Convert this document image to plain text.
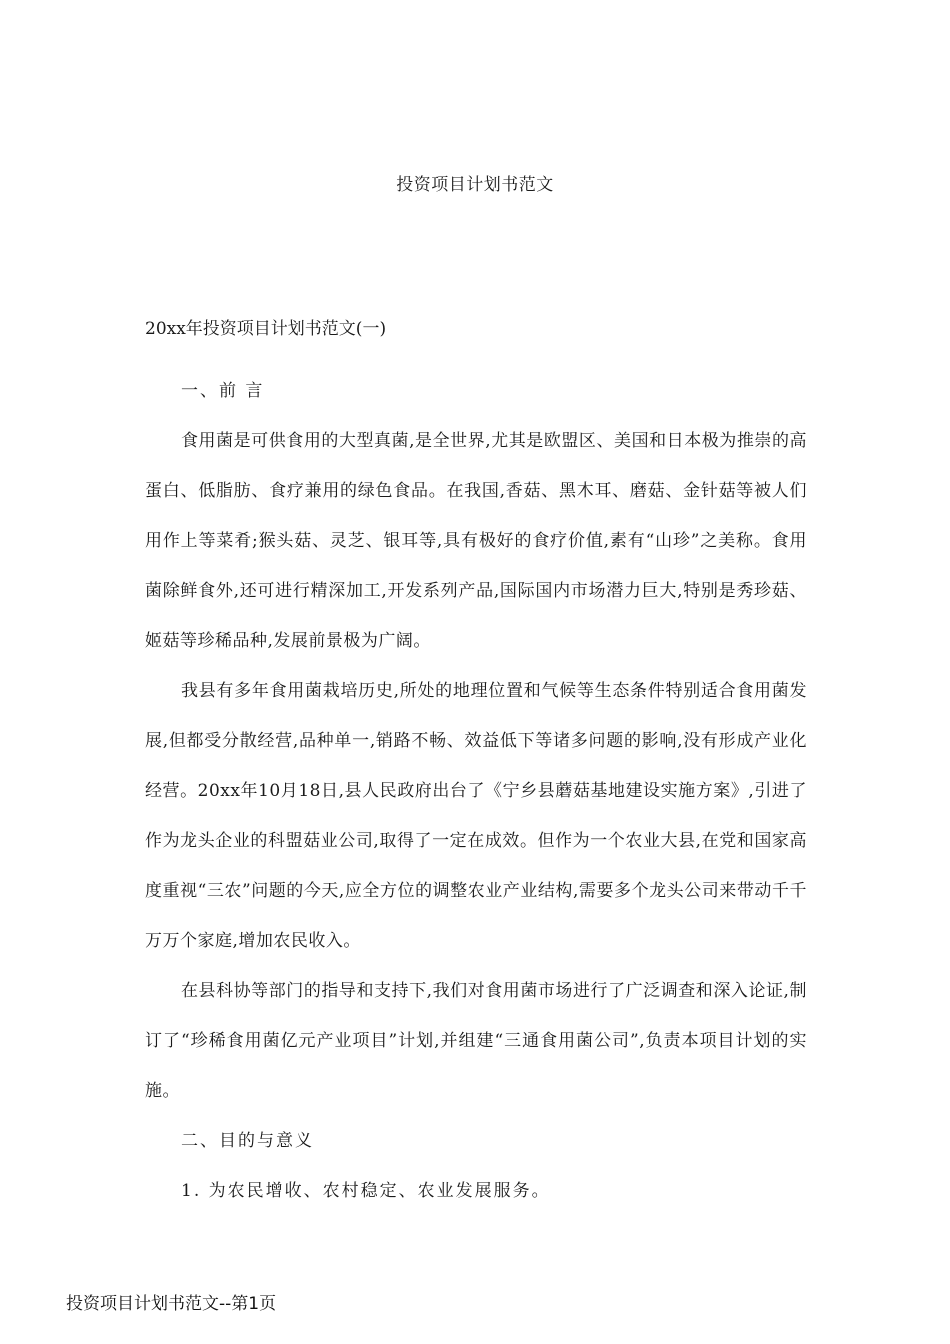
投资项目计划书范文
20xx年投资项目计划书范文(一)

一、前 言

食用菌是可供食用的大型真菌,是全世界,尤其是欧盟区、美国和日本极为推崇的高蛋白、低脂肪、食疗兼用的绿色食品。在我国,香菇、黑木耳、磨菇、金针菇等被人们用作上等菜肴;猴头菇、灵芝、银耳等,具有极好的食疗价值,素有“山珍”之美称。食用菌除鲜食外,还可进行精深加工,开发系列产品,国际国内市场潜力巨大,特别是秀珍菇、姬菇等珍稀品种,发展前景极为广阔。

我县有多年食用菌栽培历史,所处的地理位置和气候等生态条件特别适合食用菌发展,但都受分散经营,品种单一,销路不畅、效益低下等诸多问题的影响,没有形成产业化经营。20xx年10月18日,县人民政府出台了《宁乡县蘑菇基地建设实施方案》,引进了作为龙头企业的科盟菇业公司,取得了一定在成效。但作为一个农业大县,在党和国家高度重视“三农”问题的今天,应全方位的调整农业产业结构,需要多个龙头公司来带动千千万万个家庭,增加农民收入。

在县科协等部门的指导和支持下,我们对食用菌市场进行了广泛调查和深入论证,制订了“珍稀食用菌亿元产业项目”计划,并组建“三通食用菌公司”,负责本项目计划的实施。

二、目的与意义

1. 为农民增收、农村稳定、农业发展服务。

投资项目计划书范文--第1页
